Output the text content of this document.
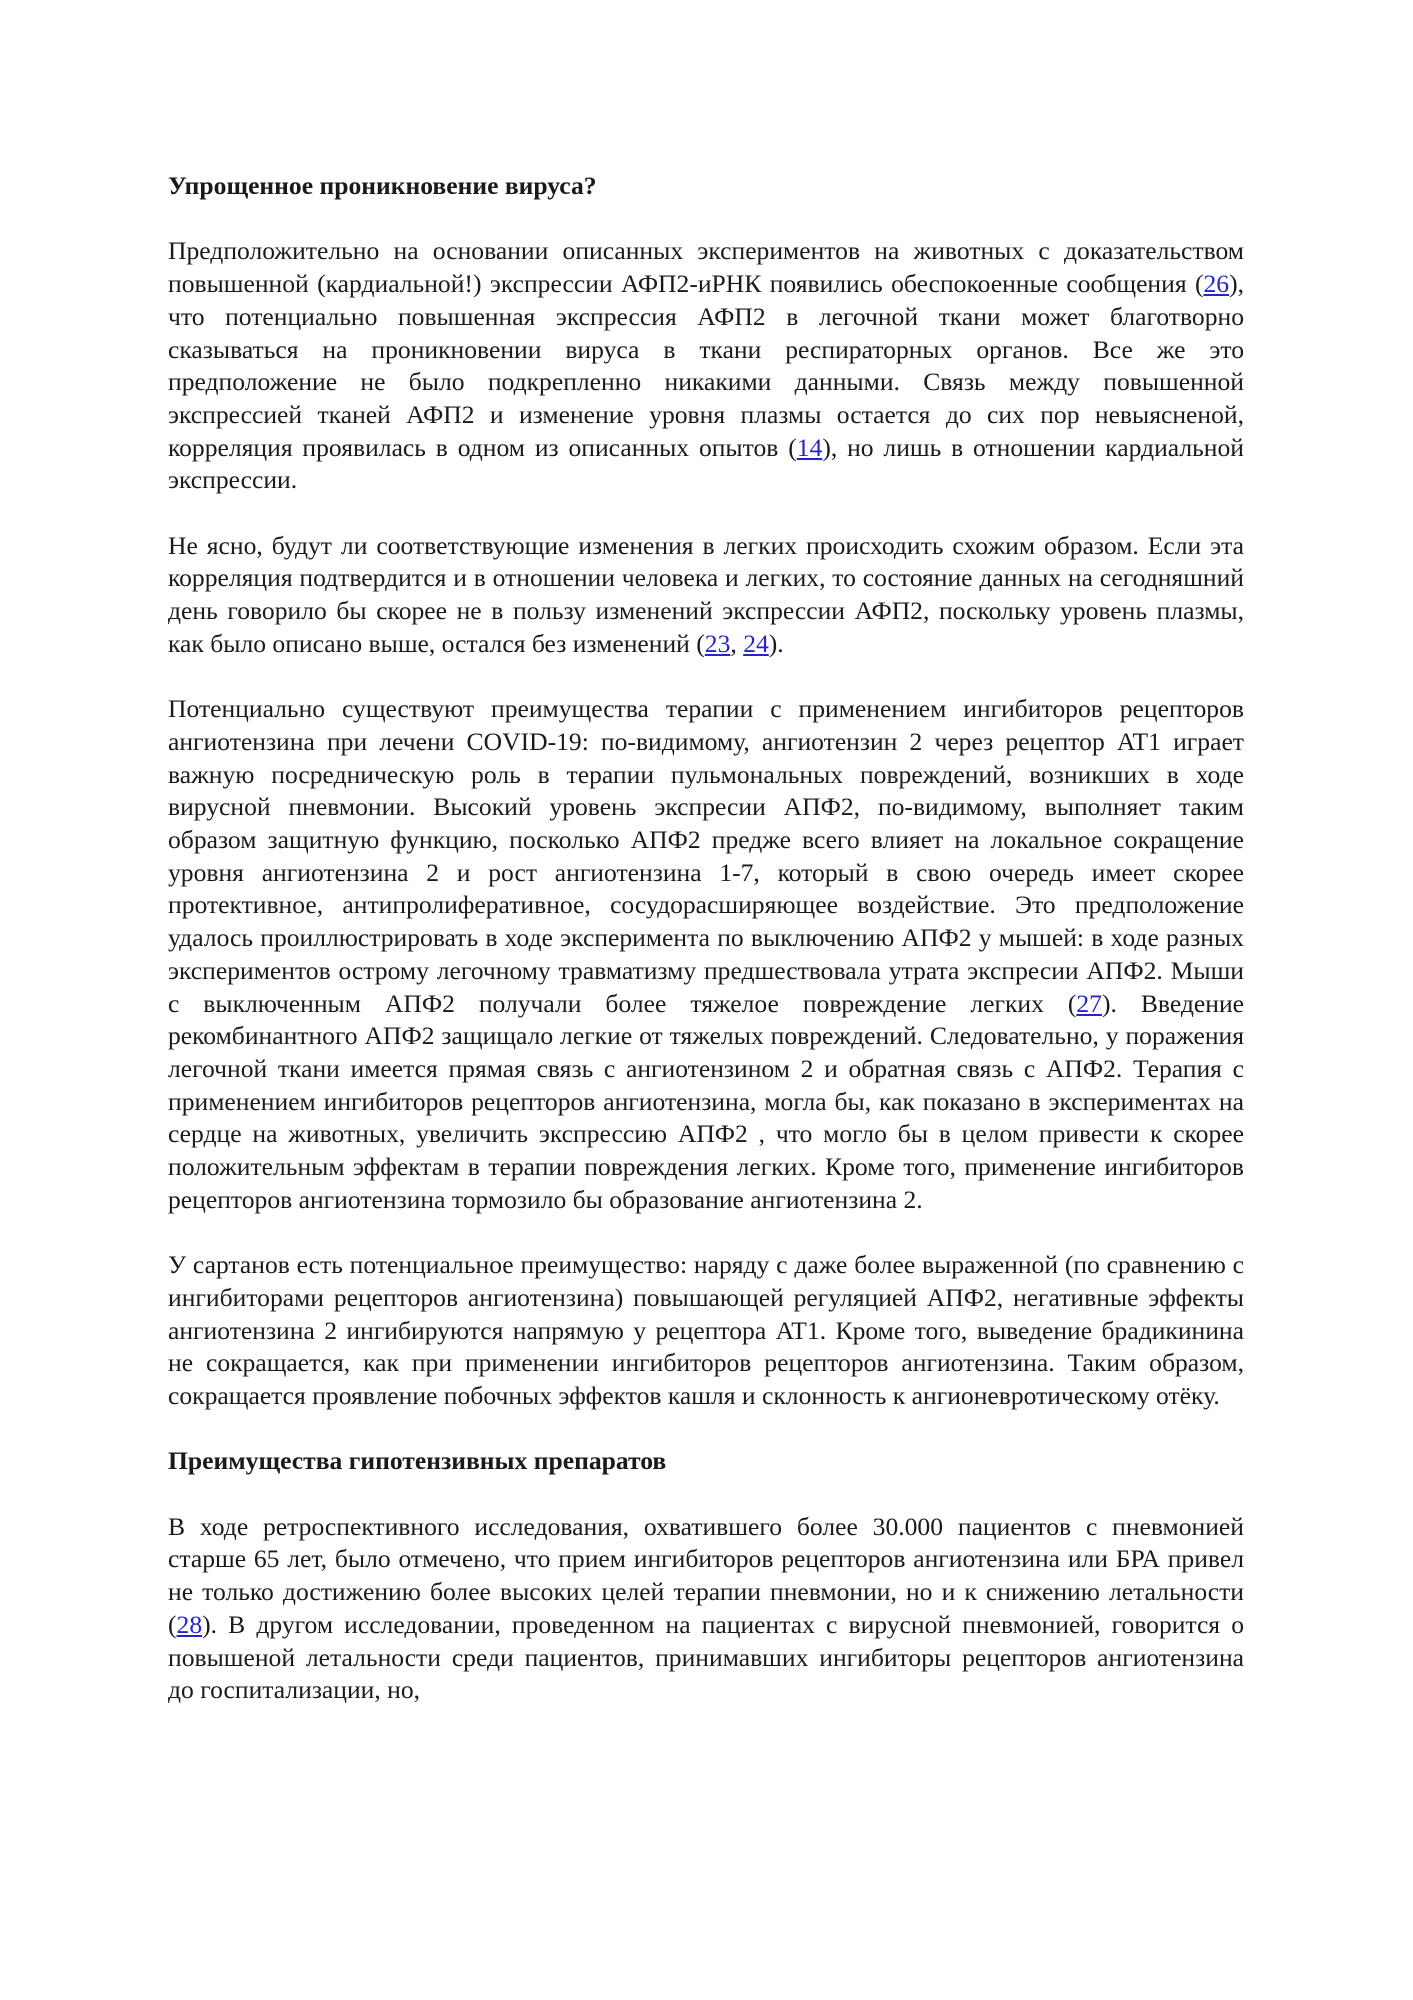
Упрощенное проникновение вируса?

Предположительно на основании описанных экспериментов на животных с доказательством повышенной (кардиальной!) экспрессии АФП2-иРНК появились обеспокоенные сообщения (26), что потенциально повышенная экспрессия АФП2 в легочной ткани может благотворно сказываться на проникновении вируса в ткани респираторных органов. Все же это предположение не было подкрепленно никакими данными. Связь между повышенной экспрессией тканей АФП2 и изменение уровня плазмы остается до сих пор невыясненой, корреляция проявилась в одном из описанных опытов (14), но лишь в отношении кардиальной экспрессии.

Не ясно, будут ли соответствующие изменения в легких происходить схожим образом. Если эта корреляция подтвердится и в отношении человека и легких, то состояние данных на сегодняшний день говорило бы скорее не в пользу изменений экспрессии АФП2, поскольку уровень плазмы, как было описано выше, остался без изменений (23, 24).

Потенциально существуют преимущества терапии с применением ингибиторов рецепторов ангиотензина при лечени COVID-19: по-видимому, ангиотензин 2 через рецептор AT1 играет важную посредническую роль в терапии пульмональных повреждений, возникших в ходе вирусной пневмонии. Высокий уровень экспресии АПФ2, по-видимому, выполняет таким образом защитную функцию, посколько АПФ2 предже всего влияет на локальное сокращение уровня ангиотензина 2 и рост ангиотензина 1-7, который в свою очередь имеет скорее протективное, антипролиферативное, сосудорасширяющее воздействие. Это предположение удалось проиллюстрировать в ходе эксперимента по выключению АПФ2 у мышей: в ходе разных экспериментов острому легочному травматизму предшествовала утрата экспресии АПФ2. Мыши с выключенным АПФ2 получали более тяжелое повреждение легких (27). Введение рекомбинантного АПФ2 защищало легкие от тяжелых повреждений. Следовательно, у поражения легочной ткани имеется прямая связь с ангиотензином 2 и обратная связь с АПФ2. Терапия с применением ингибиторов рецепторов ангиотензина, могла бы, как показано в экспериментах на сердце на животных, увеличить экспрессию АПФ2 , что могло бы в целом привести к скорее положительным эффектам в терапии повреждения легких. Кроме того, применение ингибиторов рецепторов ангиотензина тормозило бы образование ангиотензина 2.

У сартанов есть потенциальное преимущество: наряду с даже более выраженной (по сравнению с ингибиторами рецепторов ангиотензина) повышающей регуляцией АПФ2, негативные эффекты ангиотензина 2 ингибируются напрямую у рецептора AT1. Кроме того, выведение брадикинина не сокращается, как при применении ингибиторов рецепторов ангиотензина. Таким образом, сокращается проявление побочных эффектов кашля и склонность к ангионевротическому отёку.

Преимущества гипотензивных препаратов

В ходе ретроспективного исследования, охватившего более 30.000 пациентов с пневмонией старше 65 лет, было отмечено, что прием ингибиторов рецепторов ангиотензина или БРА привел не только достижению более высоких целей терапии пневмонии, но и к снижению летальности (28). В другом исследовании, проведенном на пациентах с вирусной пневмонией, говорится о повышеной летальности среди пациентов, принимавших ингибиторы рецепторов ангиотензина до госпитализации, но,
